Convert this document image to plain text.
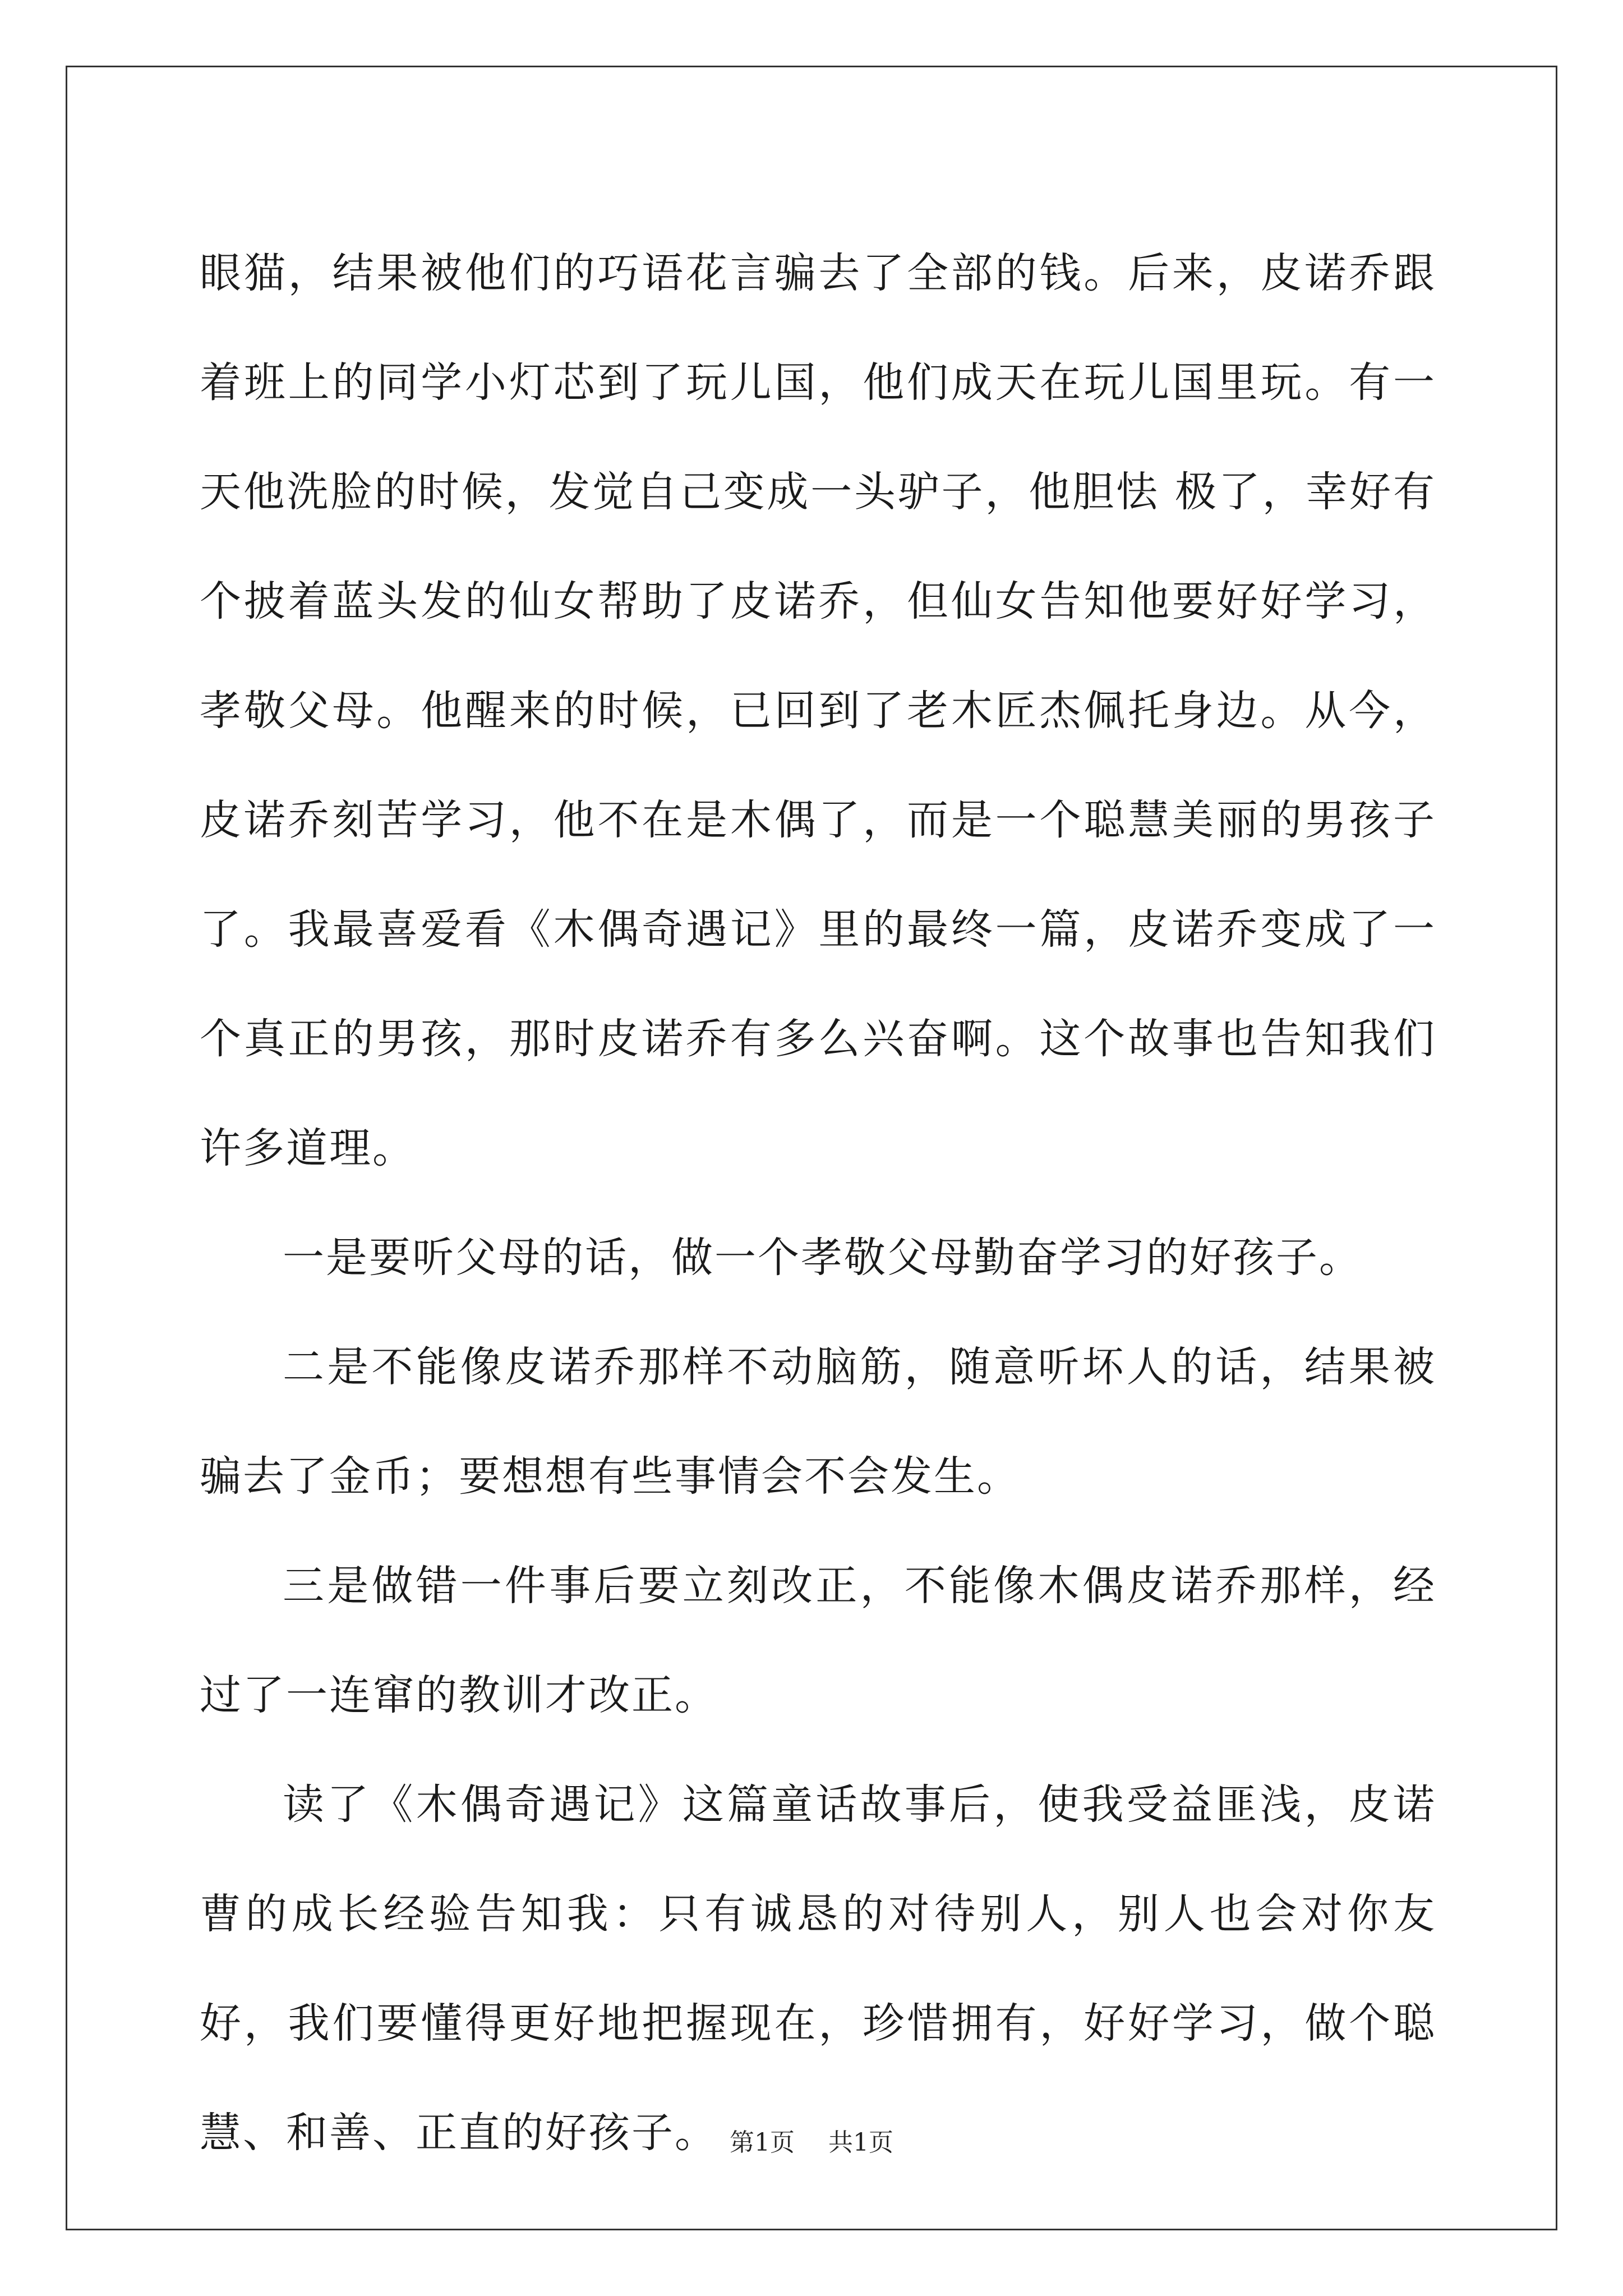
眼猫，结果被他们的巧语花言骗去了全部的钱。后来，皮诺乔跟着班上的同学小灯芯到了玩儿国，他们成天在玩儿国里玩。有一天他洗脸的时候，发觉自己变成一头驴子，他胆怯 极了，幸好有个披着蓝头发的仙女帮助了皮诺乔，但仙女告知他要好好学习，孝敬父母。他醒来的时候，已回到了老木匠杰佩托身边。从今，皮诺乔刻苦学习，他不在是木偶了，而是一个聪慧美丽的男孩子了。我最喜爱看《木偶奇遇记》里的最终一篇，皮诺乔变成了一个真正的男孩，那时皮诺乔有多么兴奋啊。这个故事也告知我们许多道理。

一是要听父母的话，做一个孝敬父母勤奋学习的好孩子。

二是不能像皮诺乔那样不动脑筋，随意听坏人的话，结果被骗去了金币；要想想有些事情会不会发生。

三是做错一件事后要立刻改正，不能像木偶皮诺乔那样，经过了一连窜的教训才改正。

读了《木偶奇遇记》这篇童话故事后，使我受益匪浅，皮诺曹的成长经验告知我：只有诚恳的对待别人，别人也会对你友好，我们要懂得更好地把握现在，珍惜拥有，好好学习，做个聪慧、和善、正直的好孩子。 第1页 共1页
